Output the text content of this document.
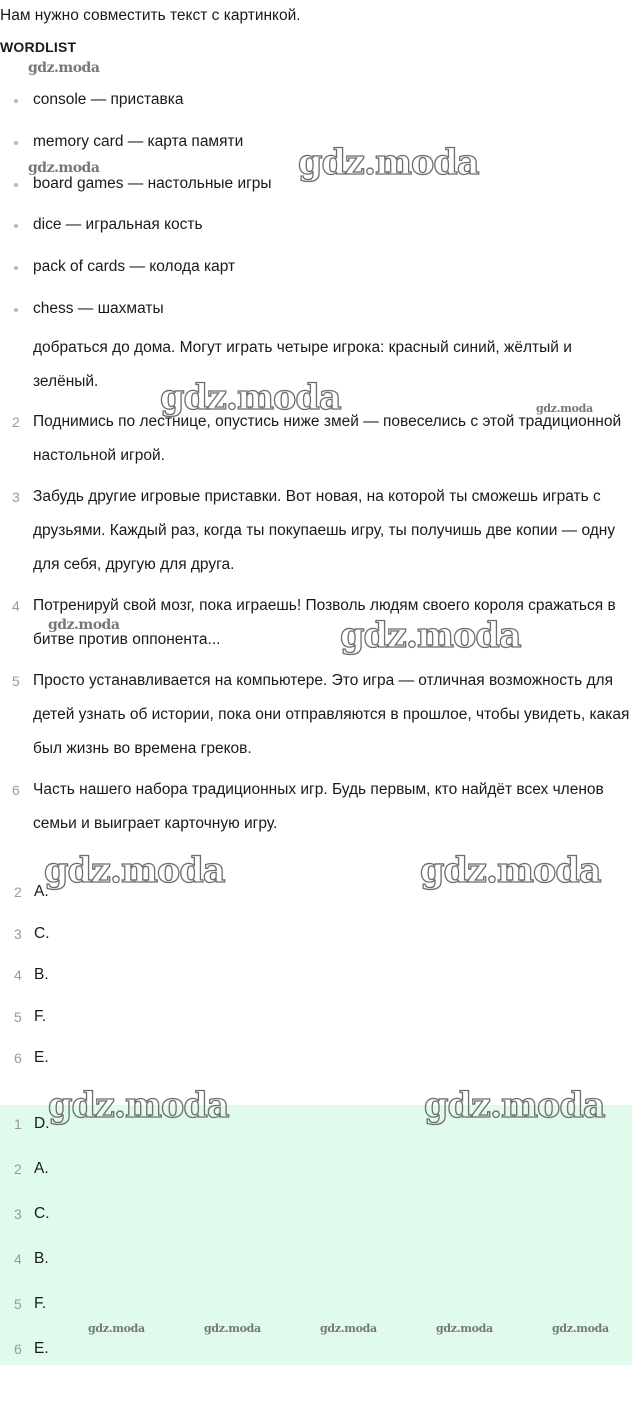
Нам нужно совместить текст с картинкой.
WORDLIST
console — приставка
memory card — карта памяти
board games — настольные игры
dice — игральная кость
pack of cards — колода карт
chess — шахматы
добраться до дома. Могут играть четыре игрока: красный синий, жёлтый и зелёный.
2 Поднимись по лестнице, опустись ниже змей — повеселись с этой традиционной настольной игрой.
3 Забудь другие игровые приставки. Вот новая, на которой ты сможешь играть с друзьями. Каждый раз, когда ты покупаешь игру, ты получишь две копии — одну для себя, другую для друга.
4 Потренируй свой мозг, пока играешь! Позволь людям своего короля сражаться в битве против оппонента...
5 Просто устанавливается на компьютере. Это игра — отличная возможность для детей узнать об истории, пока они отправляются в прошлое, чтобы увидеть, какая был жизнь во времена греков.
6 Часть нашего набора традиционных игр. Будь первым, кто найдёт всех членов семьи и выиграет карточную игру.
2 A.
3 C.
4 B.
5 F.
6 E.
1 D.
2 A.
3 C.
4 B.
5 F.
6 E.
gdz.moda
gdz.moda	gdz.moda
gdz.moda	gdz.moda
gdz.moda	gdz.moda
gdz.moda	gdz.moda
gdz.moda	gdz.moda
gdz.moda	gdz.moda	gdz.moda	gdz.moda	gdz.moda
